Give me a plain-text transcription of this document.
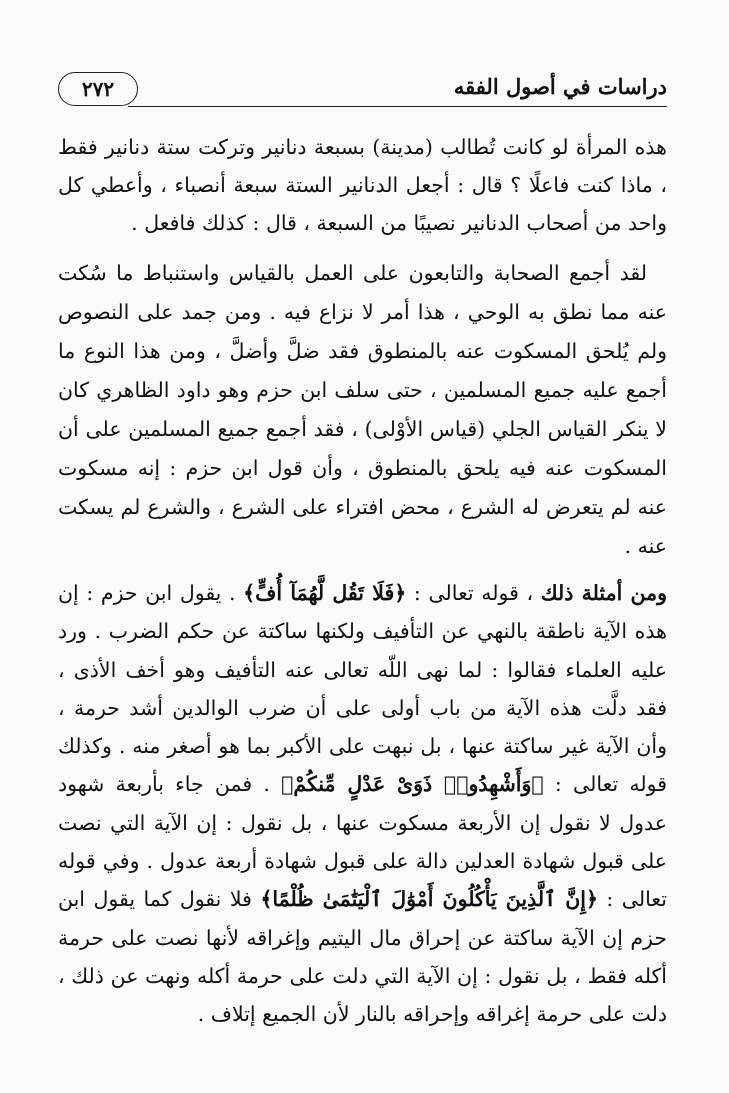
دراسات في أصول الفقه
٢٧٢

هذه المرأة لو كانت تُطالب (مدينة) بسبعة دنانير وتركت ستة دنانير فقط ، ماذا كنت فاعلًا ؟ قال : أجعل الدنانير الستة سبعة أنصباء ، وأعطي كل واحد من أصحاب الدنانير نصيبًا من السبعة ، قال : كذلك فافعل .

لقد أجمع الصحابة والتابعون على العمل بالقياس واستنباط ما سُكت عنه مما نطق به الوحي ، هذا أمر لا نزاع فيه . ومن جمد على النصوص ولم يُلحق المسكوت عنه بالمنطوق فقد ضلَّ وأضلَّ ، ومن هذا النوع ما أجمع عليه جميع المسلمين ، حتى سلف ابن حزم وهو داود الظاهري كان لا ينكر القياس الجلي (قياس الأوْلى) ، فقد أجمع جميع المسلمين على أن المسكوت عنه فيه يلحق بالمنطوق ، وأن قول ابن حزم : إنه مسكوت عنه لم يتعرض له الشرع ، محض افتراء على الشرع ، والشرع لم يسكت عنه .

ومن أمثلة ذلك ، قوله تعالى : ﴿فَلَا تَقُل لَّهُمَآ أُفٍّ﴾ . يقول ابن حزم : إن هذه الآية ناطقة بالنهي عن التأفيف ولكنها ساكتة عن حكم الضرب . ورد عليه العلماء فقالوا : لما نهى اللّه تعالى عنه التأفيف وهو أخف الأذى ، فقد دلَّت هذه الآية من باب أولى على أن ضرب الوالدين أشد حرمة ، وأن الآية غير ساكتة عنها ، بل نبهت على الأكبر بما هو أصغر منه . وكذلك قوله تعالى : ﴿وَأَشْهِدُوا۟ ذَوَىْ عَدْلٍ مِّنكُمْ﴾ . فمن جاء بأربعة شهود عدول لا نقول إن الأربعة مسكوت عنها ، بل نقول : إن الآية التي نصت على قبول شهادة العدلين دالة على قبول شهادة أربعة عدول . وفي قوله تعالى : ﴿إِنَّ ٱلَّذِينَ يَأْكُلُونَ أَمْوَٰلَ ٱلْيَتَٰمَىٰ ظُلْمًا﴾ فلا نقول كما يقول ابن حزم إن الآية ساكتة عن إحراق مال اليتيم وإغراقه لأنها نصت على حرمة أكله فقط ، بل نقول : إن الآية التي دلت على حرمة أكله ونهت عن ذلك ، دلت على حرمة إغراقه وإحراقه بالنار لأن الجميع إتلاف .
